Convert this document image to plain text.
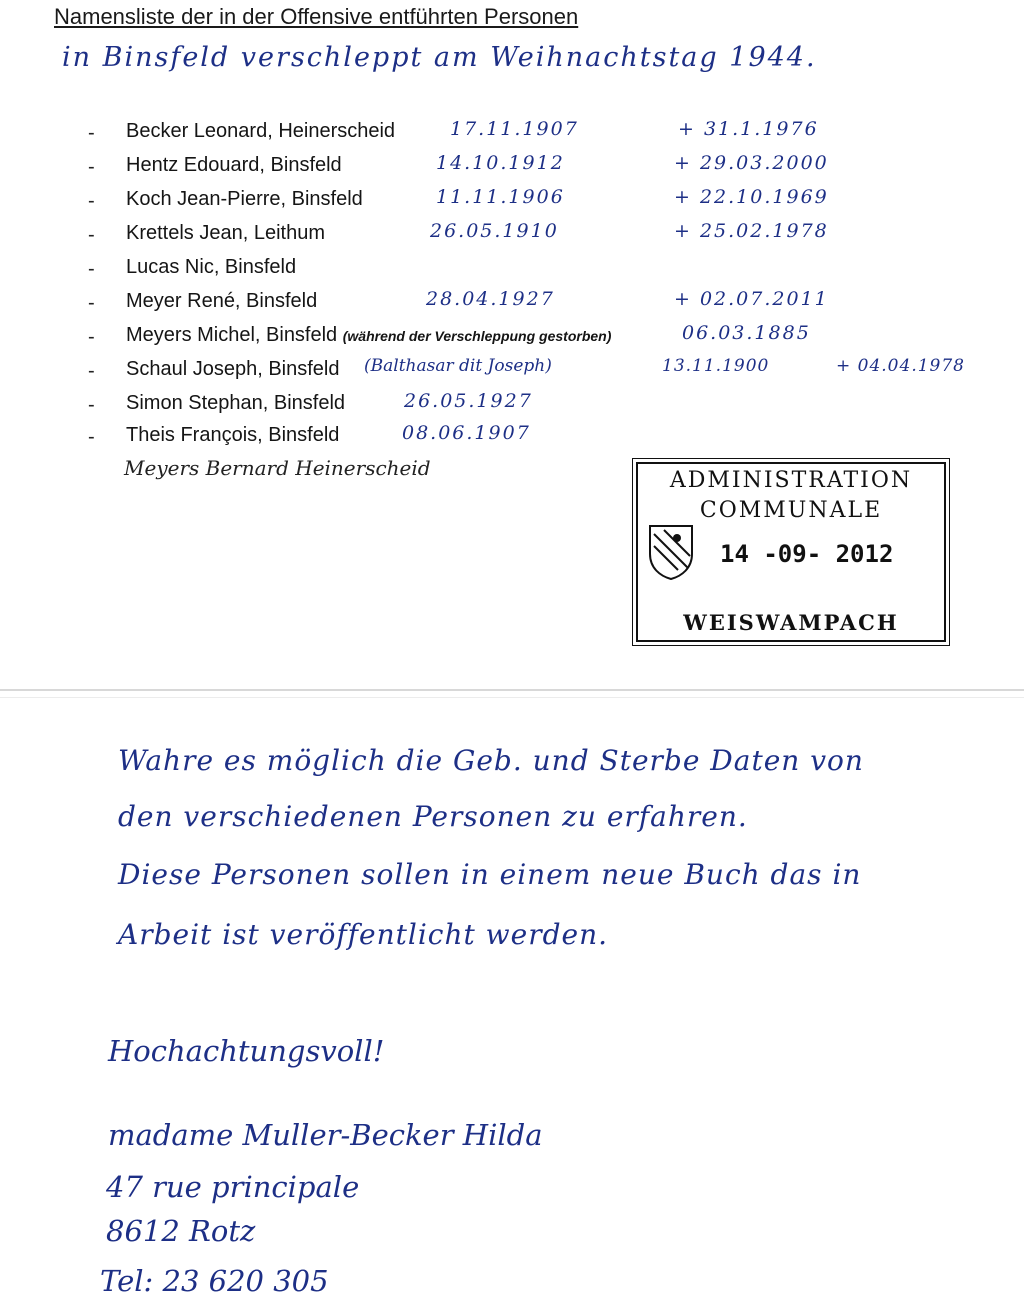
Namensliste der in der Offensive entführten Personen
in Binsfeld verschleppt am Weihnachtstag 1944.
- Becker Leonard, Heinerscheid	17.11.1907	+ 31.1.1976
- Hentz Edouard, Binsfeld	14.10.1912	+ 29.03.2000
- Koch Jean-Pierre, Binsfeld	11.11.1906	+ 22.10.1969
- Krettels Jean, Leithum	26.05.1910	+ 25.02.1978
- Lucas Nic, Binsfeld
- Meyer René, Binsfeld	28.04.1927	+ 02.07.2011
- Meyers Michel, Binsfeld (während der Verschleppung gestorben)	06.03.1885
- Schaul Joseph, Binsfeld (Balthasar dit Joseph)	13.11.1900	+ 04.04.1978
- Simon Stephan, Binsfeld	26.05.1927
- Theis François, Binsfeld	08.06.1907
Meyers Bernard Heinerscheid	ADMINISTRATION
COMMUNALE
14 -09- 2012
WEISWAMPACH
Wahre es möglich die Geb. und Sterbe Daten von
den verschiedenen Personen zu erfahren.
Diese Personen sollen in einem neue Buch das in
Arbeit ist veröffentlicht werden.
Hochachtungsvoll!
madame Muller-Becker Hilda
47 rue principale
8612 Rotz
Tel: 23 620 305
